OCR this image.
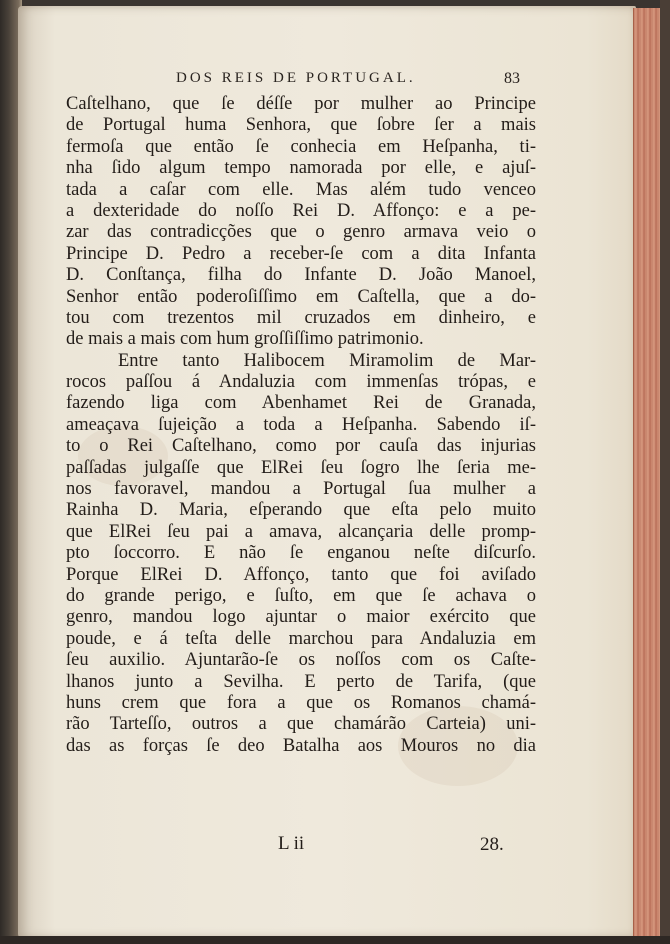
DOS REIS DE PORTUGAL.	83
Caſtelhano, que ſe déſſe por mulher ao Principe
de Portugal huma Senhora, que ſobre ſer a mais
fermoſa que então ſe conhecia em Heſpanha, ti-
nha ſido algum tempo namorada por elle, e ajuſ-
tada a caſar com elle. Mas além tudo venceo
a dexteridade do noſſo Rei D. Affonço: e a pe-
zar das contradicções que o genro armava veio o
Principe D. Pedro a receber-ſe com a dita Infanta
D. Conſtança, filha do Infante D. João Manoel,
Senhor então poderoſiſſimo em Caſtella, que a do-
tou com trezentos mil cruzados em dinheiro, e
de mais a mais com hum groſſiſſimo patrimonio.
Entre tanto Halibocem Miramolim de Mar-
rocos paſſou á Andaluzia com immenſas trópas, e
fazendo liga com Abenhamet Rei de Granada,
ameaçava ſujeição a toda a Heſpanha. Sabendo iſ-
to o Rei Caſtelhano, como por cauſa das injurias
paſſadas julgaſſe que ElRei ſeu ſogro lhe ſeria me-
nos favoravel, mandou a Portugal ſua mulher a
Rainha D. Maria, eſperando que eſta pelo muito
que ElRei ſeu pai a amava, alcançaria delle promp-
pto ſoccorro. E não ſe enganou neſte diſcurſo.
Porque ElRei D. Affonço, tanto que foi aviſado
do grande perigo, e ſuſto, em que ſe achava o
genro, mandou logo ajuntar o maior exército que
poude, e á teſta delle marchou para Andaluzia em
ſeu auxilio. Ajuntarão-ſe os noſſos com os Caſte-
lhanos junto a Sevilha. E perto de Tarifa, (que
huns crem que fora a que os Romanos chamá-
rão Tarteſſo, outros a que chamárão Carteia) uni-
das as forças ſe deo Batalha aos Mouros no dia
L ii	28.
